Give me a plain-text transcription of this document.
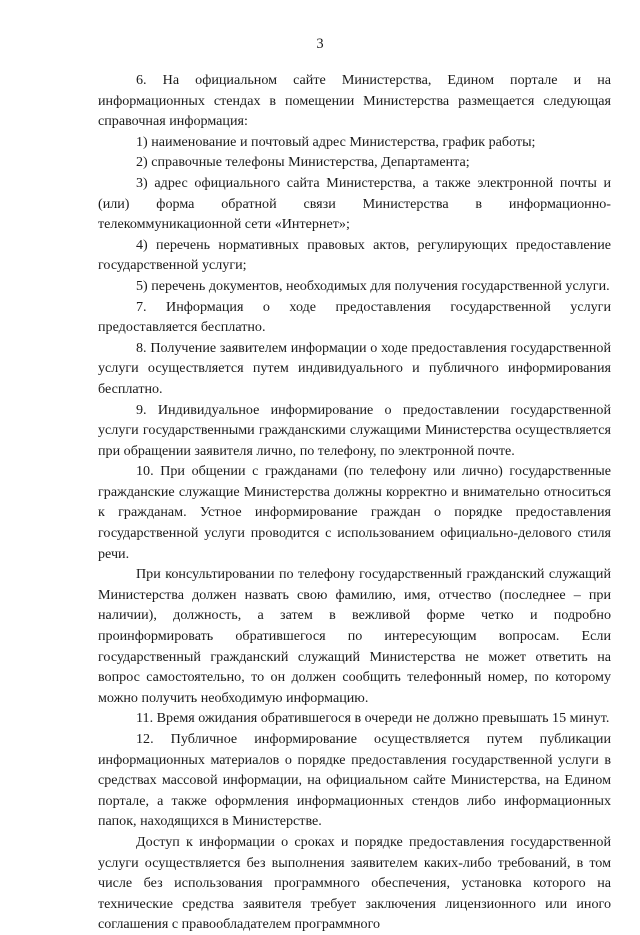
3

6. На официальном сайте Министерства, Едином портале и на информационных стендах в помещении Министерства размещается следующая справочная информация:

1) наименование и почтовый адрес Министерства, график работы;

2) справочные телефоны Министерства, Департамента;

3) адрес официального сайта Министерства, а также электронной почты и (или) форма обратной связи Министерства в информационно-телекоммуникационной сети «Интернет»;

4) перечень нормативных правовых актов, регулирующих предоставление государственной услуги;

5) перечень документов, необходимых для получения государственной услуги.

7. Информация о ходе предоставления государственной услуги предоставляется бесплатно.

8. Получение заявителем информации о ходе предоставления государственной услуги осуществляется путем индивидуального и публичного информирования бесплатно.

9. Индивидуальное информирование о предоставлении государственной услуги государственными гражданскими служащими Министерства осуществляется при обращении заявителя лично, по телефону, по электронной почте.

10. При общении с гражданами (по телефону или лично) государственные гражданские служащие Министерства должны корректно и внимательно относиться к гражданам. Устное информирование граждан о порядке предоставления государственной услуги проводится с использованием официально-делового стиля речи.

При консультировании по телефону государственный гражданский служащий Министерства должен назвать свою фамилию, имя, отчество (последнее – при наличии), должность, а затем в вежливой форме четко и подробно проинформировать обратившегося по интересующим вопросам. Если государственный гражданский служащий Министерства не может ответить на вопрос самостоятельно, то он должен сообщить телефонный номер, по которому можно получить необходимую информацию.

11. Время ожидания обратившегося в очереди не должно превышать 15 минут.

12. Публичное информирование осуществляется путем публикации информационных материалов о порядке предоставления государственной услуги в средствах массовой информации, на официальном сайте Министерства, на Едином портале, а также оформления информационных стендов либо информационных папок, находящихся в Министерстве.

Доступ к информации о сроках и порядке предоставления государственной услуги осуществляется без выполнения заявителем каких-либо требований, в том числе без использования программного обеспечения, установка которого на технические средства заявителя требует заключения лицензионного или иного соглашения с правообладателем программного
